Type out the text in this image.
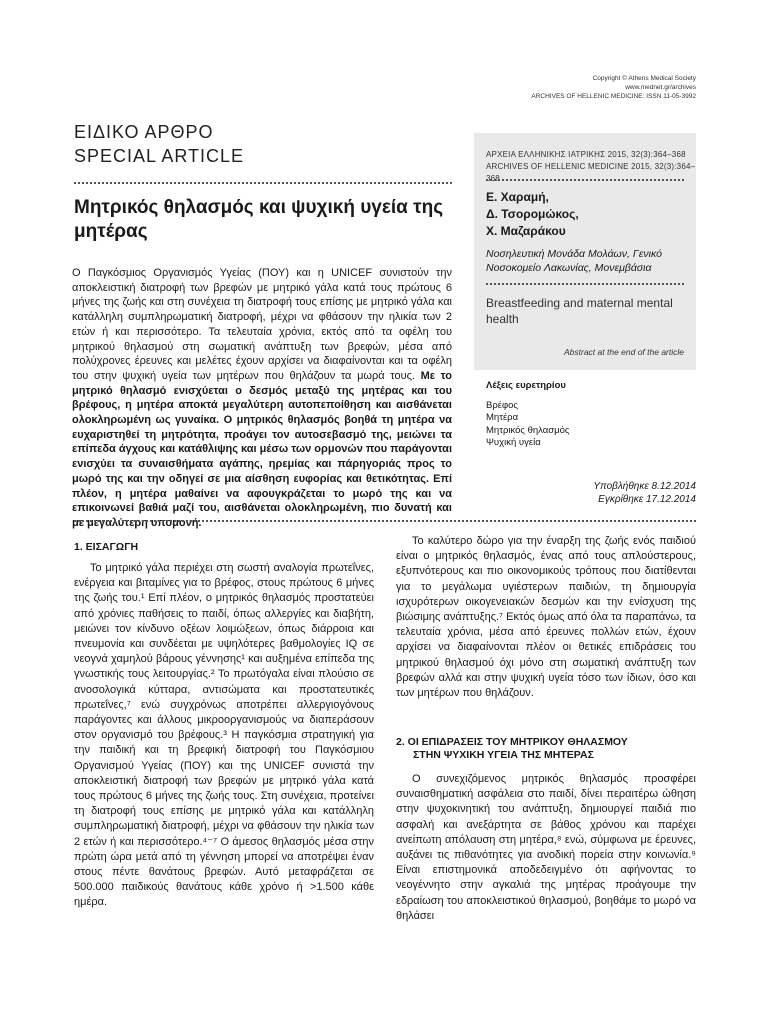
Copyright © Athens Medical Society
www.mednet.gr/archives
ARCHIVES OF HELLENIC MEDICINE: ISSN 11-05-3992
ΕΙΔΙΚΟ ΑΡΘΡΟ
SPECIAL ARTICLE
Μητρικός θηλασμός και ψυχική υγεία της μητέρας

Ο Παγκόσμιος Οργανισμός Υγείας (ΠΟΥ) και η UNICEF συνιστούν την αποκλειστική διατροφή των βρεφών με μητρικό γάλα κατά τους πρώτους 6 μήνες της ζωής και στη συνέχεια τη διατροφή τους επίσης με μητρικό γάλα και κατάλληλη συμπληρωματική διατροφή, μέχρι να φθάσουν την ηλικία των 2 ετών ή και περισσότερο. Τα τελευταία χρόνια, εκτός από τα οφέλη του μητρικού θηλασμού στη σωματική ανάπτυξη των βρεφών, μέσα από πολύχρονες έρευνες και μελέτες έχουν αρχίσει να διαφαίνονται και τα οφέλη του στην ψυχική υγεία των μητέρων που θηλάζουν τα μωρά τους. Με το μητρικό θηλασμό ενισχύεται ο δεσμός μεταξύ της μητέρας και του βρέφους, η μητέρα αποκτά μεγαλύτερη αυτοπεποίθηση και αισθάνεται ολοκληρωμένη ως γυναίκα. Ο μητρικός θηλασμός βοηθά τη μητέρα να ευχαριστηθεί τη μητρότητα, προάγει τον αυτοσεβασμό της, μειώνει τα επίπεδα άγχους και κατάθλιψης και μέσω των ορμονών που παράγονται ενισχύει τα συναισθήματα αγάπης, ηρεμίας και πάρηγοριάς προς το μωρό της και την οδηγεί σε μια αίσθηση ευφορίας και θετικότητας. Επί πλέον, η μητέρα μαθαίνει να αφουγκράζεται το μωρό της και να επικοινωνεί βαθιά μαζί του, αισθάνεται ολοκληρωμένη, πιο δυνατή και με μεγαλύτερη υπομονή.

ΑΡΧΕΙΑ ΕΛΛΗΝΙΚΗΣ ΙΑΤΡΙΚΗΣ 2015, 32(3):364–368
ARCHIVES OF HELLENIC MEDICINE 2015, 32(3):364–368
Ε. Χαραμή,
Δ. Τσορομώκος,
Χ. Μαζαράκου
Νοσηλευτική Μονάδα Μολάων, Γενικό Νοσοκομείο Λακωνίας, Μονεμβάσια
Breastfeeding and maternal mental health
Abstract at the end of the article
Λέξεις ευρετηρίου
Βρέφος
Μητέρα
Μητρικός θηλασμός
Ψυχική υγεία
Υποβλήθηκε 8.12.2014
Εγκρίθηκε 17.12.2014
1. ΕΙΣΑΓΩΓΗ

Το μητρικό γάλα περιέχει στη σωστή αναλογία πρωτεΐνες, ενέργεια και βιταμίνες για το βρέφος, στους πρώτους 6 μήνες της ζωής του.¹ Επί πλέον, ο μητρικός θηλασμός προστατεύει από χρόνιες παθήσεις το παιδί, όπως αλλεργίες και διαβήτη, μειώνει τον κίνδυνο οξέων λοιμώξεων, όπως διάρροια και πνευμονία και συνδέεται με υψηλότερες βαθμολογίες IQ σε νεογνά χαμηλού βάρους γέννησης¹ και αυξημένα επίπεδα της γνωστικής τους λειτουργίας.² Το πρωτόγαλα είναι πλούσιο σε ανοσολογικά κύτταρα, αντισώματα και προστατευτικές πρωτεΐνες,⁷ ενώ συγχρόνως αποτρέπει αλλεργιογόνους παράγοντες και άλλους μικροοργανισμούς να διαπεράσουν στον οργανισμό του βρέφους.³ Η παγκόσμια στρατηγική για την παιδική και τη βρεφική διατροφή του Παγκόσμιου Οργανισμού Υγείας (ΠΟΥ) και της UNICEF συνιστά την αποκλειστική διατροφή των βρεφών με μητρικό γάλα κατά τους πρώτους 6 μήνες της ζωής τους. Στη συνέχεια, προτείνει τη διατροφή τους επίσης με μητρικό γάλα και κατάλληλη συμπληρωματική διατροφή, μέχρι να φθάσουν την ηλικία των 2 ετών ή και περισσότερο.⁴⁻⁷ Ο άμεσος θηλασμός μέσα στην πρώτη ώρα μετά από τη γέννηση μπορεί να αποτρέψει έναν στους πέντε θανάτους βρεφών. Αυτό μεταφράζεται σε 500.000 παιδικούς θανάτους κάθε χρόνο ή >1.500 κάθε ημέρα.

Το καλύτερο δώρο για την έναρξη της ζωής ενός παιδιού είναι ο μητρικός θηλασμός, ένας από τους απλούστερους, εξυπνότερους και πιο οικονομικούς τρόπους που διατίθενται για το μεγάλωμα υγιέστερων παιδιών, τη δημιουργία ισχυρότερων οικογενειακών δεσμών και την ενίσχυση της βιώσιμης ανάπτυξης.⁷ Εκτός όμως από όλα τα παραπάνω, τα τελευταία χρόνια, μέσα από έρευνες πολλών ετών, έχουν αρχίσει να διαφαίνονται πλέον οι θετικές επιδράσεις του μητρικού θηλασμού όχι μόνο στη σωματική ανάπτυξη των βρεφών αλλά και στην ψυχική υγεία τόσο των ίδιων, όσο και των μητέρων που θηλάζουν.

2. ΟΙ ΕΠΙΔΡΑΣΕΙΣ ΤΟΥ ΜΗΤΡΙΚΟΥ ΘΗΛΑΣΜΟΥ
ΣΤΗΝ ΨΥΧΙΚΗ ΥΓΕΙΑ ΤΗΣ ΜΗΤΕΡΑΣ

Ο συνεχιζόμενος μητρικός θηλασμός προσφέρει συναισθηματική ασφάλεια στο παιδί, δίνει περαιτέρω ώθηση στην ψυχοκινητική του ανάπτυξη, δημιουργεί παιδιά πιο ασφαλή και ανεξάρτητα σε βάθος χρόνου και παρέχει ανείπωτη απόλαυση στη μητέρα,⁸ ενώ, σύμφωνα με έρευνες, αυξάνει τις πιθανότητες για ανοδική πορεία στην κοινωνία.⁹ Είναι επιστημονικά αποδεδειγμένο ότι αφήνοντας το νεογέννητο στην αγκαλιά της μητέρας προάγουμε την εδραίωση του αποκλειστικού θηλασμού, βοηθάμε το μωρό να θηλάσει
